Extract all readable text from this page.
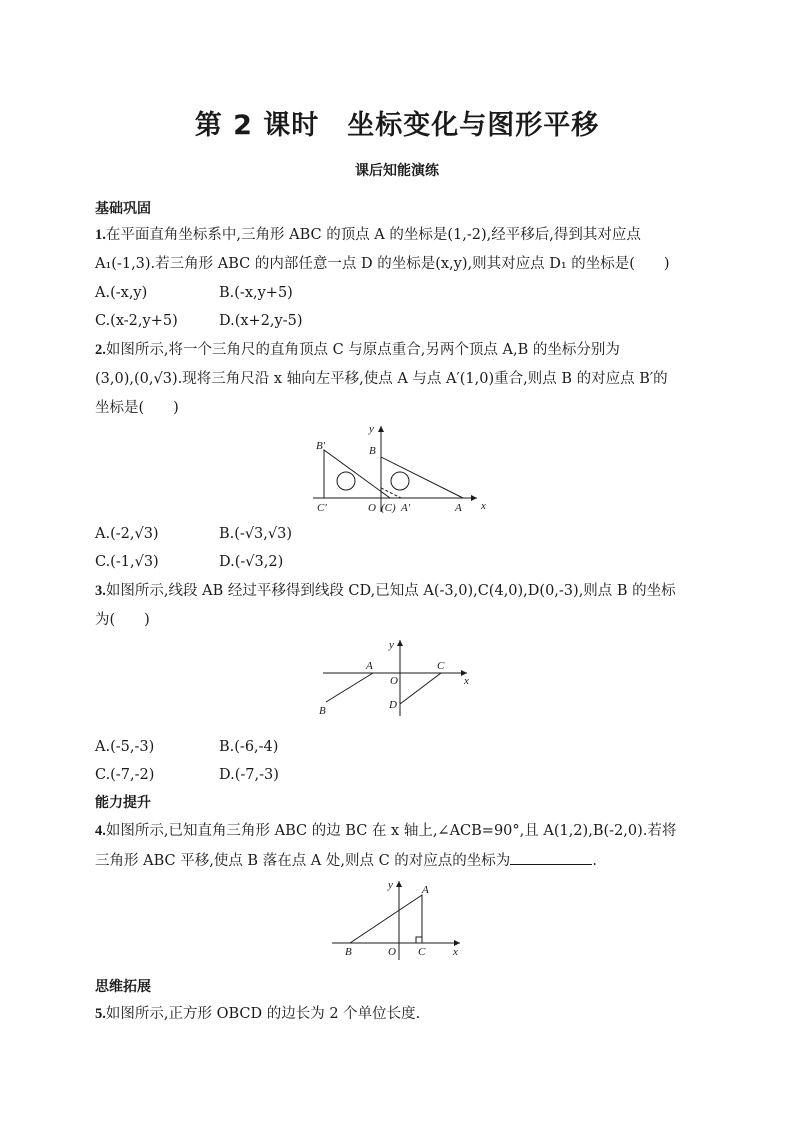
第 2 课时　坐标变化与图形平移
课后知能演练
基础巩固
1.在平面直角坐标系中,三角形 ABC 的顶点 A 的坐标是(1,-2),经平移后,得到其对应点
A₁(-1,3).若三角形 ABC 的内部任意一点 D 的坐标是(x,y),则其对应点 D₁ 的坐标是(　　)
A.(-x,y)	B.(-x,y+5)
C.(x-2,y+5)	D.(x+2,y-5)
2.如图所示,将一个三角尺的直角顶点 C 与原点重合,另两个顶点 A,B 的坐标分别为
(3,0),(0,√3).现将三角尺沿 x 轴向左平移,使点 A 与点 A′(1,0)重合,则点 B 的对应点 B′的
坐标是(　　)
y
x
B′	B
C′	O (C) A′	A
A.(-2,√3)	B.(-√3,√3)
C.(-1,√3)	D.(-√3,2)
3.如图所示,线段 AB 经过平移得到线段 CD,已知点 A(-3,0),C(4,0),D(0,-3),则点 B 的坐标
为(　　)
y
x
A	C
O
B	D
A.(-5,-3)	B.(-6,-4)
C.(-7,-2)	D.(-7,-3)
能力提升
4.如图所示,已知直角三角形 ABC 的边 BC 在 x 轴上,∠ACB=90°,且 A(1,2),B(-2,0).若将
三角形 ABC 平移,使点 B 落在点 A 处,则点 C 的对应点的坐标为	.
y
x
A
B	O C
思维拓展
5.如图所示,正方形 OBCD 的边长为 2 个单位长度.
